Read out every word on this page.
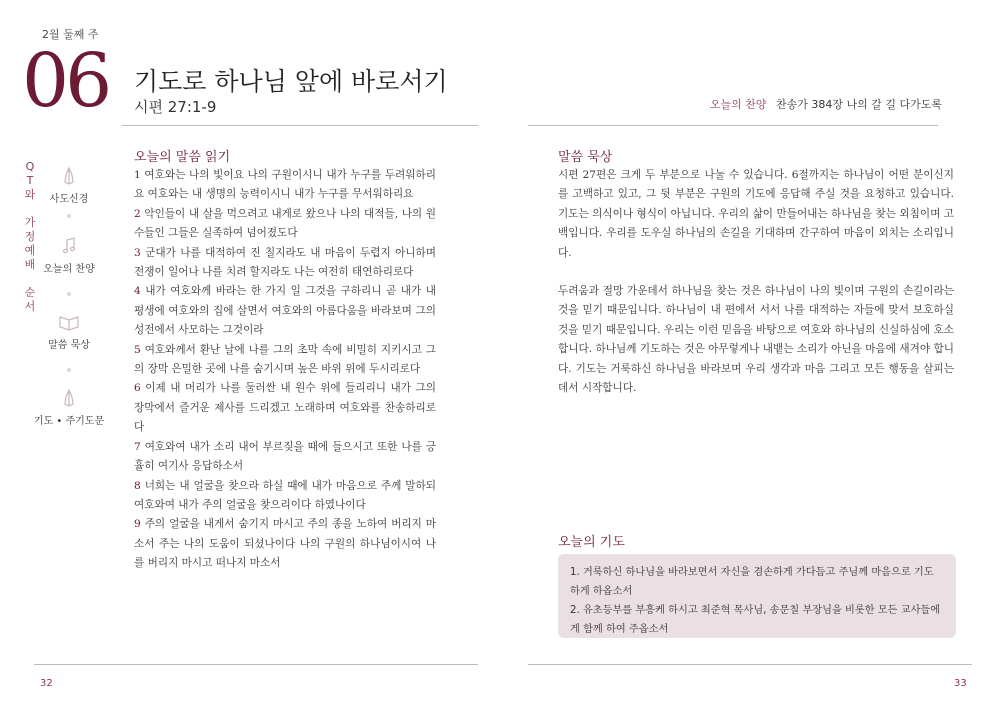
2월 둘째 주
06 기도로 하나님 앞에 바로서기
시편 27:1-9	오늘의 찬양 찬송가 384장 나의 갈 길 다가도록
Q
T
와
가
정
예
배
순
서
사도신경
오늘의 찬양
말씀 묵상
기도 • 주기도문
오늘의 말씀 읽기

1 여호와는 나의 빛이요 나의 구원이시니 내가 누구를 두려워하리요 여호와는 내 생명의 능력이시니 내가 누구를 무서워하리요

2 악인들이 내 살을 먹으려고 내게로 왔으나 나의 대적들, 나의 원수들인 그들은 실족하여 넘어졌도다

3 군대가 나를 대적하여 진 칠지라도 내 마음이 두렵지 아니하며 전쟁이 일어나 나를 치려 할지라도 나는 여전히 태연하리로다

4 내가 여호와께 바라는 한 가지 일 그것을 구하리니 곧 내가 내 평생에 여호와의 집에 살면서 여호와의 아름다움을 바라보며 그의 성전에서 사모하는 그것이라

5 여호와께서 환난 날에 나를 그의 초막 속에 비밀히 지키시고 그의 장막 은밀한 곳에 나를 숨기시며 높은 바위 위에 두시리로다

6 이제 내 머리가 나를 둘러싼 내 원수 위에 들리리니 내가 그의 장막에서 즐거운 제사를 드리겠고 노래하며 여호와를 찬송하리로다

7 여호와여 내가 소리 내어 부르짖을 때에 들으시고 또한 나를 긍휼히 여기사 응답하소서

8 너희는 내 얼굴을 찾으라 하실 때에 내가 마음으로 주께 말하되 여호와여 내가 주의 얼굴을 찾으리이다 하였나이다

9 주의 얼굴을 내게서 숨기지 마시고 주의 종을 노하여 버리지 마소서 주는 나의 도움이 되셨나이다 나의 구원의 하나님이시여 나를 버리지 마시고 떠나지 마소서

말씀 묵상

시편 27편은 크게 두 부분으로 나눌 수 있습니다. 6절까지는 하나님이 어떤 분이신지를 고백하고 있고, 그 뒷 부분은 구원의 기도에 응답해 주실 것을 요청하고 있습니다. 기도는 의식이나 형식이 아닙니다. 우리의 삶이 만들어내는 하나님을 찾는 외침이며 고백입니다. 우리를 도우실 하나님의 손길을 기대하며 간구하여 마음이 외치는 소리입니다.

두려움과 절망 가운데서 하나님을 찾는 것은 하나님이 나의 빛이며 구원의 손길이라는 것을 믿기 때문입니다. 하나님이 내 편에서 서서 나를 대적하는 자들에 맞서 보호하실 것을 믿기 때문입니다. 우리는 이런 믿음을 바탕으로 여호와 하나님의 신실하심에 호소합니다. 하나님께 기도하는 것은 아무렇게나 내뱉는 소리가 아닌을 마음에 새겨야 합니다. 기도는 거룩하신 하나님을 바라보며 우리 생각과 마음 그리고 모든 행동을 살피는데서 시작합니다.

오늘의 기도
1. 거룩하신 하나님을 바라보면서 자신을 겸손하게 가다듬고 주님께 마음으로 기도하게 하옵소서
2. 유초등부를 부흥케 하시고 최준혁 목사님, 송문칠 부장님을 비롯한 모든 교사들에게 함께 하여 주옵소서
32	33
